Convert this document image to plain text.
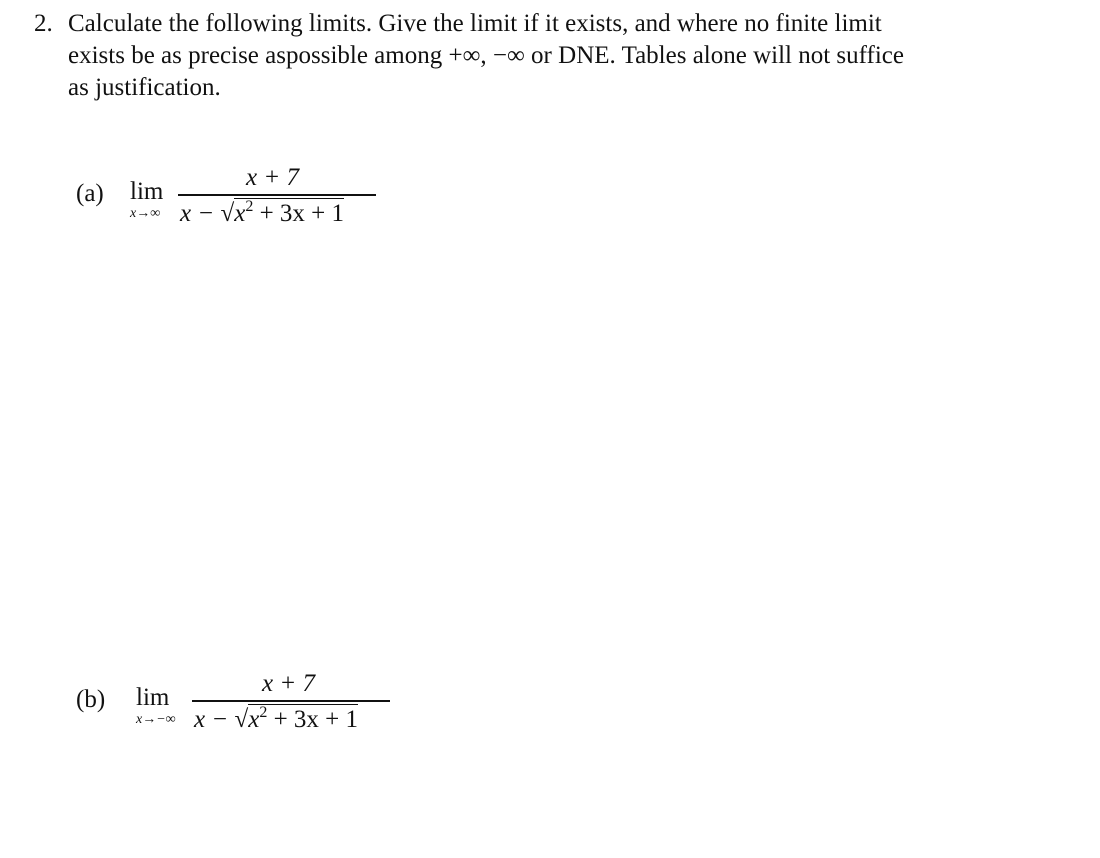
2. Calculate the following limits. Give the limit if it exists, and where no finite limit
exists be as precise aspossible among +∞, −∞ or DNE. Tables alone will not suffice
as justification.
(a) lim
x→∞
x + 7
$x - √x^2 + 3x + 1$
(b) lim
x→−∞
x + 7
$x - √x^2 + 3x + 1$
